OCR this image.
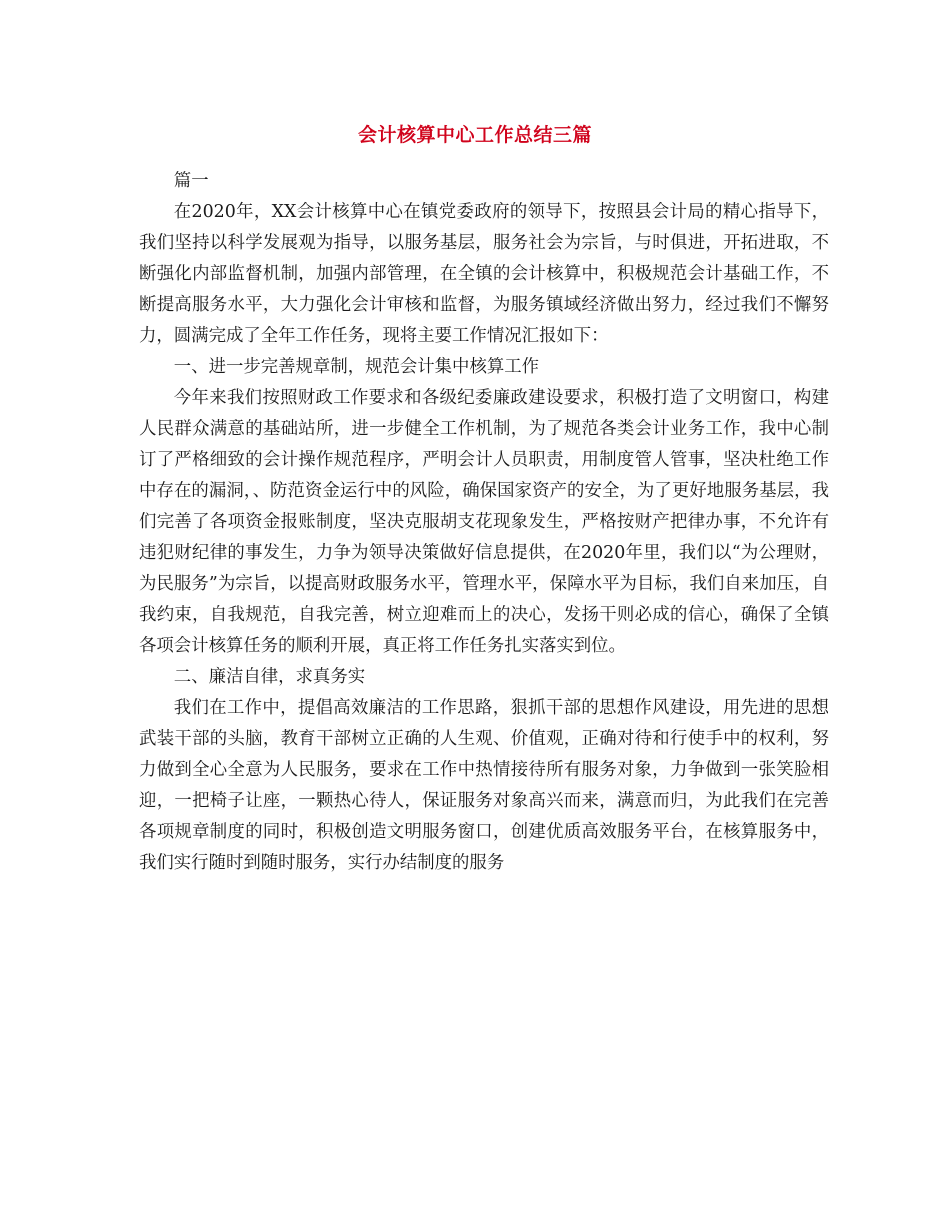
会计核算中心工作总结三篇

篇一

在2020年，XX会计核算中心在镇党委政府的领导下，按照县会计局的精心指导下，我们坚持以科学发展观为指导，以服务基层，服务社会为宗旨，与时俱进，开拓进取，不断强化内部监督机制，加强内部管理，在全镇的会计核算中，积极规范会计基础工作，不断提高服务水平，大力强化会计审核和监督，为服务镇域经济做出努力，经过我们不懈努力，圆满完成了全年工作任务，现将主要工作情况汇报如下：

一、进一步完善规章制，规范会计集中核算工作

今年来我们按照财政工作要求和各级纪委廉政建设要求，积极打造了文明窗口，构建人民群众满意的基础站所，进一步健全工作机制，为了规范各类会计业务工作，我中心制订了严格细致的会计操作规范程序，严明会计人员职责，用制度管人管事，坚决杜绝工作中存在的漏洞，、防范资金运行中的风险，确保国家资产的安全，为了更好地服务基层，我们完善了各项资金报账制度，坚决克服胡支花现象发生，严格按财产把律办事，不允许有违犯财纪律的事发生，力争为领导决策做好信息提供，在2020年里，我们以“为公理财，为民服务”为宗旨，以提高财政服务水平，管理水平，保障水平为目标，我们自来加压，自我约束，自我规范，自我完善，树立迎难而上的决心，发扬干则必成的信心，确保了全镇各项会计核算任务的顺利开展，真正将工作任务扎实落实到位。

二、廉洁自律，求真务实

我们在工作中，提倡高效廉洁的工作思路，狠抓干部的思想作风建设，用先进的思想武装干部的头脑，教育干部树立正确的人生观、价值观，正确对待和行使手中的权利，努力做到全心全意为人民服务，要求在工作中热情接待所有服务对象，力争做到一张笑脸相迎，一把椅子让座，一颗热心待人，保证服务对象高兴而来，满意而归，为此我们在完善各项规章制度的同时，积极创造文明服务窗口，创建优质高效服务平台，在核算服务中，我们实行随时到随时服务，实行办结制度的服务
